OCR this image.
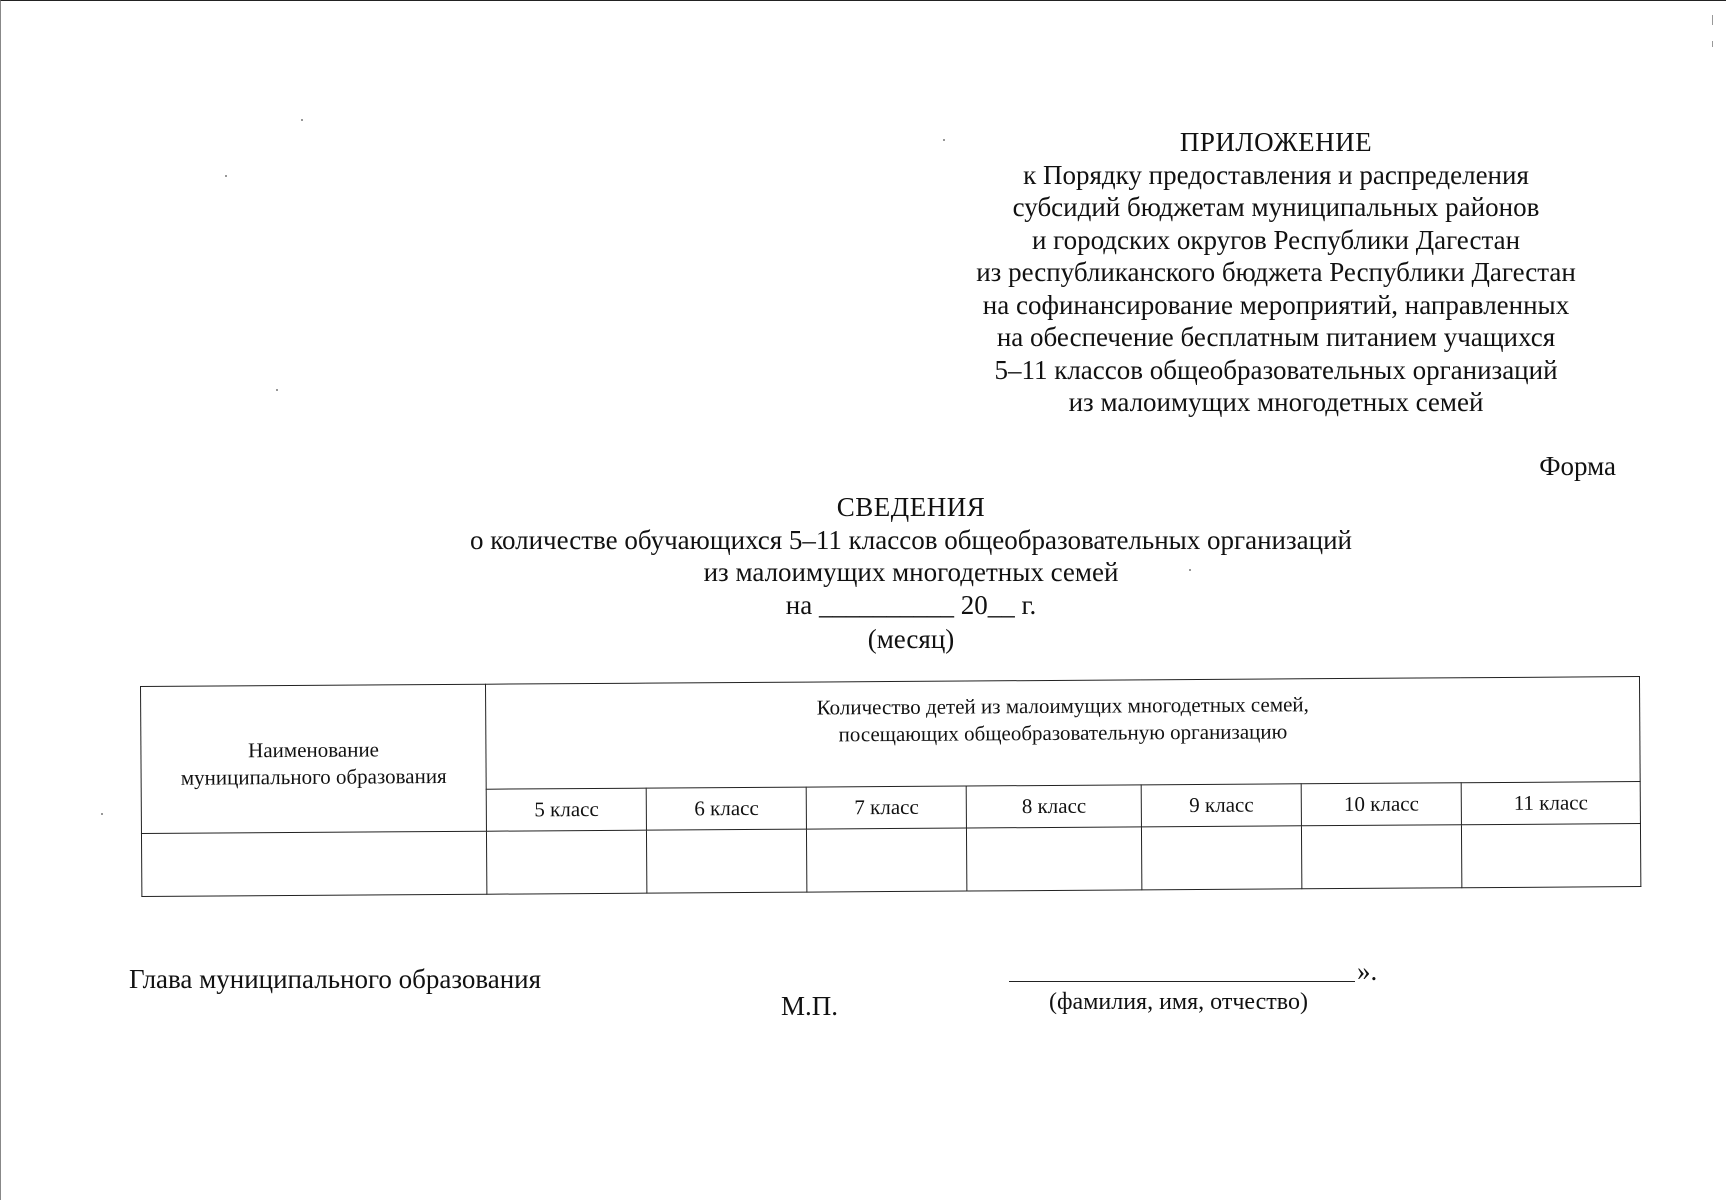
ПРИЛОЖЕНИЕ
к Порядку предоставления и распределения
субсидий бюджетам муниципальных районов
и городских округов Республики Дагестан
из республиканского бюджета Республики Дагестан
на софинансирование мероприятий, направленных
на обеспечение бесплатным питанием учащихся
5–11 классов общеобразовательных организаций
из малоимущих многодетных семей
Форма
СВЕДЕНИЯ
о количестве обучающихся 5–11 классов общеобразовательных организаций
из малоимущих многодетных семей
на __________ 20__ г.
(месяц)
Наименование
муниципального образования	Количество детей из малоимущих многодетных семей,
посещающих общеобразовательную организацию						
	5 класс	6 класс	7 класс	8 класс	9 класс	10 класс	11 класс

Глава муниципального образования
М.П.
».
(фамилия, имя, отчество)
